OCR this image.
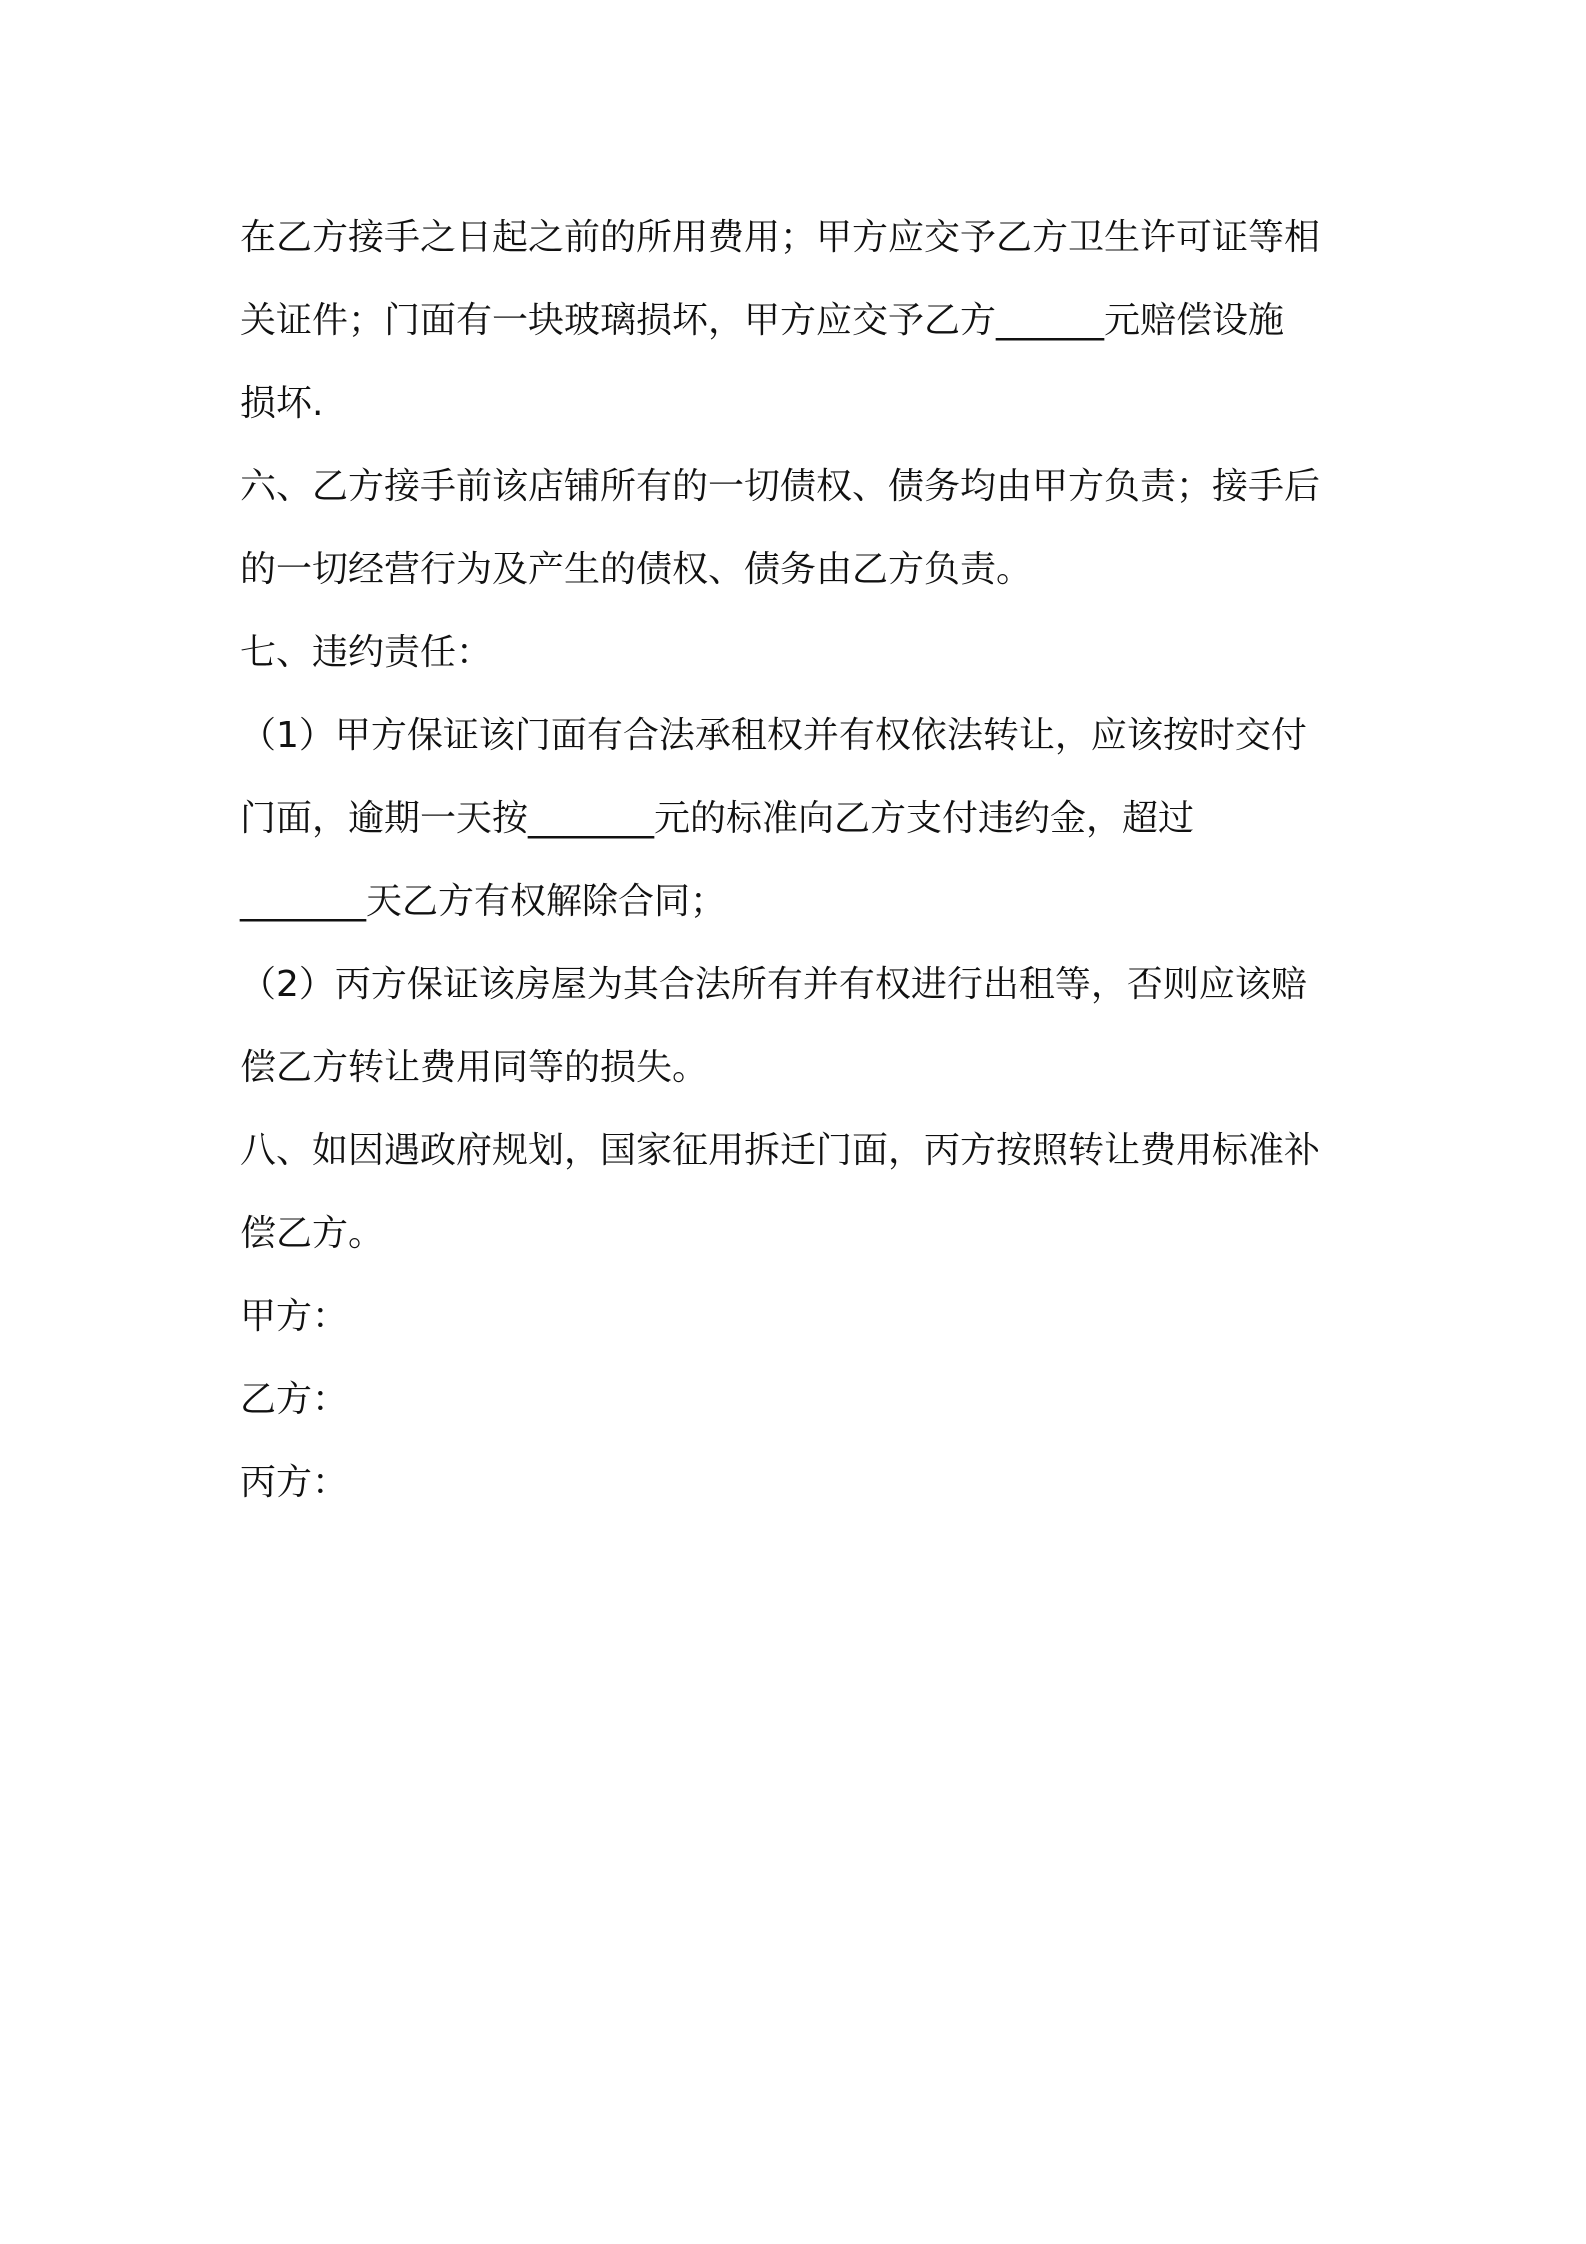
在乙方接手之日起之前的所用费用；甲方应交予乙方卫生许可证等相
关证件；门面有一块玻璃损坏，甲方应交予乙方______元赔偿设施
损坏.
六、乙方接手前该店铺所有的一切债权、债务均由甲方负责；接手后
的一切经营行为及产生的债权、债务由乙方负责。
七、违约责任：
（1）甲方保证该门面有合法承租权并有权依法转让，应该按时交付
门面，逾期一天按_______元的标准向乙方支付违约金，超过
_______天乙方有权解除合同；
（2）丙方保证该房屋为其合法所有并有权进行出租等，否则应该赔
偿乙方转让费用同等的损失。
八、如因遇政府规划，国家征用拆迁门面，丙方按照转让费用标准补
偿乙方。
甲方：
乙方：
丙方：
